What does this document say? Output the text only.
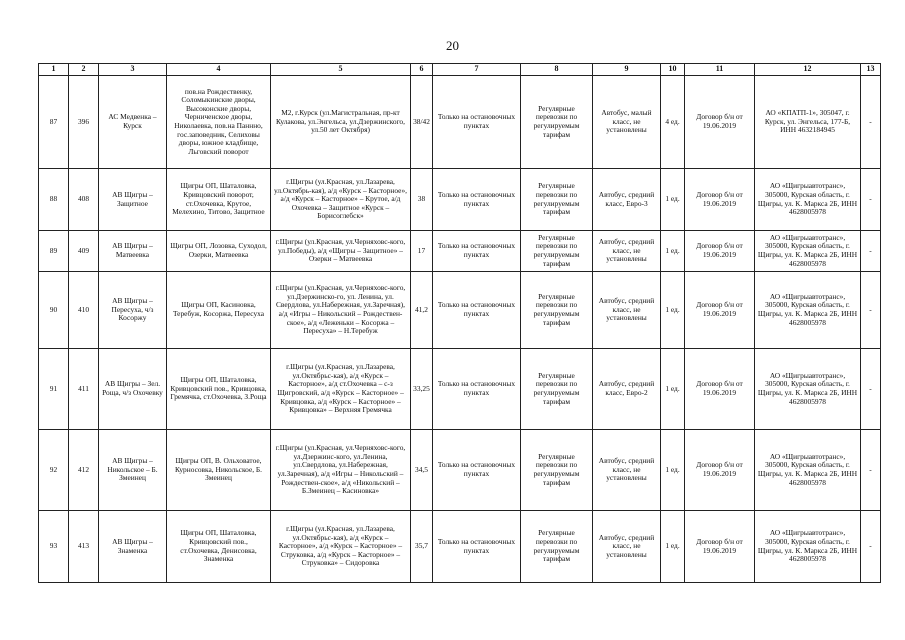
20
1	2	3	4	5	6	7	8	9	10	11	12	13
87	396	АС Медвенка – Курск	пов.на Рождественку, Соломыкинские дворы, Высоконские дворы, Черниченское дворы, Николаевка, пов.на Паннно, гос.заповедник, Селиховы дворы, южное кладбище, Льговский поворот	М2, г.Курск (ул.Магистральная, пр-кт Кулакова, ул.Энгельса, ул.Дзержинского, ул.50 лет Октября)	38/42	Только на остановочных пунктах	Регулярные перевозки по регулируемым тарифам	Автобус, малый класс, не установлены	4 ед.	Договор б/н от 19.06.2019	АО «КПАТП-1», 305047, г. Курск, ул. Энгельса, 177-Б, ИНН 4632184945	-
88	408	АВ Щигры – Защитное	Щигры ОП, Шаталовка, Кривцовский поворот, ст.Охочевка, Крутое, Мелехино, Титово, Защитное	г.Щигры (ул.Красная, ул.Лазарева, ул.Октябрь-кая), а/д «Курск – Касторное», а/д «Курск – Касторное» – Крутое, а/д Охочевка – Защитное «Курск – Борисоглебск»	38	Только на остановочных пунктах	Регулярные перевозки по регулируемым тарифам	Автобус, средний класс, Евро-3	1 ед.	Договор б/н от 19.06.2019	АО «Щигрыавтотранс», 305000, Курская область, г. Щигры, ул. К. Маркса 2Б, ИНН 4628005978	-
89	409	АВ Щигры – Матвеевка	Щигры ОП, Лозовка, Суходол, Озерки, Матвеевка	г.Щигры (ул.Красная, ул.Черняховс-кого, ул.Победы), а/д «Щигры – Защитное» – Озерки – Матвеевка	17	Только на остановочных пунктах	Регулярные перевозки по регулируемым тарифам	Автобус, средний класс, не установлены	1 ед.	Договор б/н от 19.06.2019	АО «Щигрыавтотранс», 305000, Курская область, г. Щигры, ул. К. Маркса 2Б, ИНН 4628005978	-
90	410	АВ Щигры – Пересуха, ч/з Косоржу	Щигры ОП, Касиновка, Теребуж, Косоржа, Пересуха	г.Щигры (ул.Красная, ул.Черняховс-кого, ул.Дзержинско-го, ул. Ленина, ул. Свердлова, ул.Набережная, ул.Заречная), а/д «Игры – Никольский – Рождествен-ское», а/д «Леженьки – Косоржа – Пересуха» – Н.Теребуж	41,2	Только на остановочных пунктах	Регулярные перевозки по регулируемым тарифам	Автобус, средний класс, не установлены	1 ед.	Договор б/н от 19.06.2019	АО «Щигрыавтотранс», 305000, Курская область, г. Щигры, ул. К. Маркса 2Б, ИНН 4628005978	-
91	411	АВ Щигры – Зел. Роща, ч/з Охочевку	Щигры ОП, Шаталовка, Кривцовский пов., Кривцовка, Гремячка, ст.Охочевка, З.Роща	г.Щигры (ул.Красная, ул.Лазарева, ул.Октябрьс-кая), а/д «Курск – Касторное», а/д ст.Охочевка – с-з Щигровский, а/д «Курск – Касторное» – Кривцовка, а/д «Курск – Касторное» – Кривцовка» – Верхняя Гремячка	33,25	Только на остановочных пунктах	Регулярные перевозки по регулируемым тарифам	Автобус, средний класс, Евро-2	1 ед.	Договор б/н от 19.06.2019	АО «Щигрыавтотранс», 305000, Курская область, г. Щигры, ул. К. Маркса 2Б, ИНН 4628005978	-
92	412	АВ Щигры – Никольское – Б. Змеинец	Щигры ОП, В. Ольховатое, Курносовка, Никольское, Б. Змеинец	г.Щигры (ул.Красная, ул.Черняховс-кого, ул.Дзержинс-кого, ул.Ленина, ул.Свердлова, ул.Набережная, ул.Заречная), а/д «Игры – Никольский – Рождествен-ское», а/д «Никольский – Б.Змеинец – Касиновка»	34,5	Только на остановочных пунктах	Регулярные перевозки по регулируемым тарифам	Автобус, средний класс, не установлены	1 ед.	Договор б/н от 19.06.2019	АО «Щигрыавтотранс», 305000, Курская область, г. Щигры, ул. К. Маркса 2Б, ИНН 4628005978	-
93	413	АВ Щигры – Знаменка	Щигры ОП, Шаталовка, Кривцовский пов., ст.Охочевка, Денисовка, Знаменка	г.Щигры (ул.Красная, ул.Лазарева, ул.Октябрьс-кая), а/д «Курск – Касторное», а/д «Курск – Касторное» – Струковка, а/д «Курск – Касторное» – Струковка» – Сидоровка	35,7	Только на остановочных пунктах	Регулярные перевозки по регулируемым тарифам	Автобус, средний класс, не установлены	1 ед.	Договор б/н от 19.06.2019	АО «Щигрыавтотранс», 305000, Курская область, г. Щигры, ул. К. Маркса 2Б, ИНН 4628005978	-
